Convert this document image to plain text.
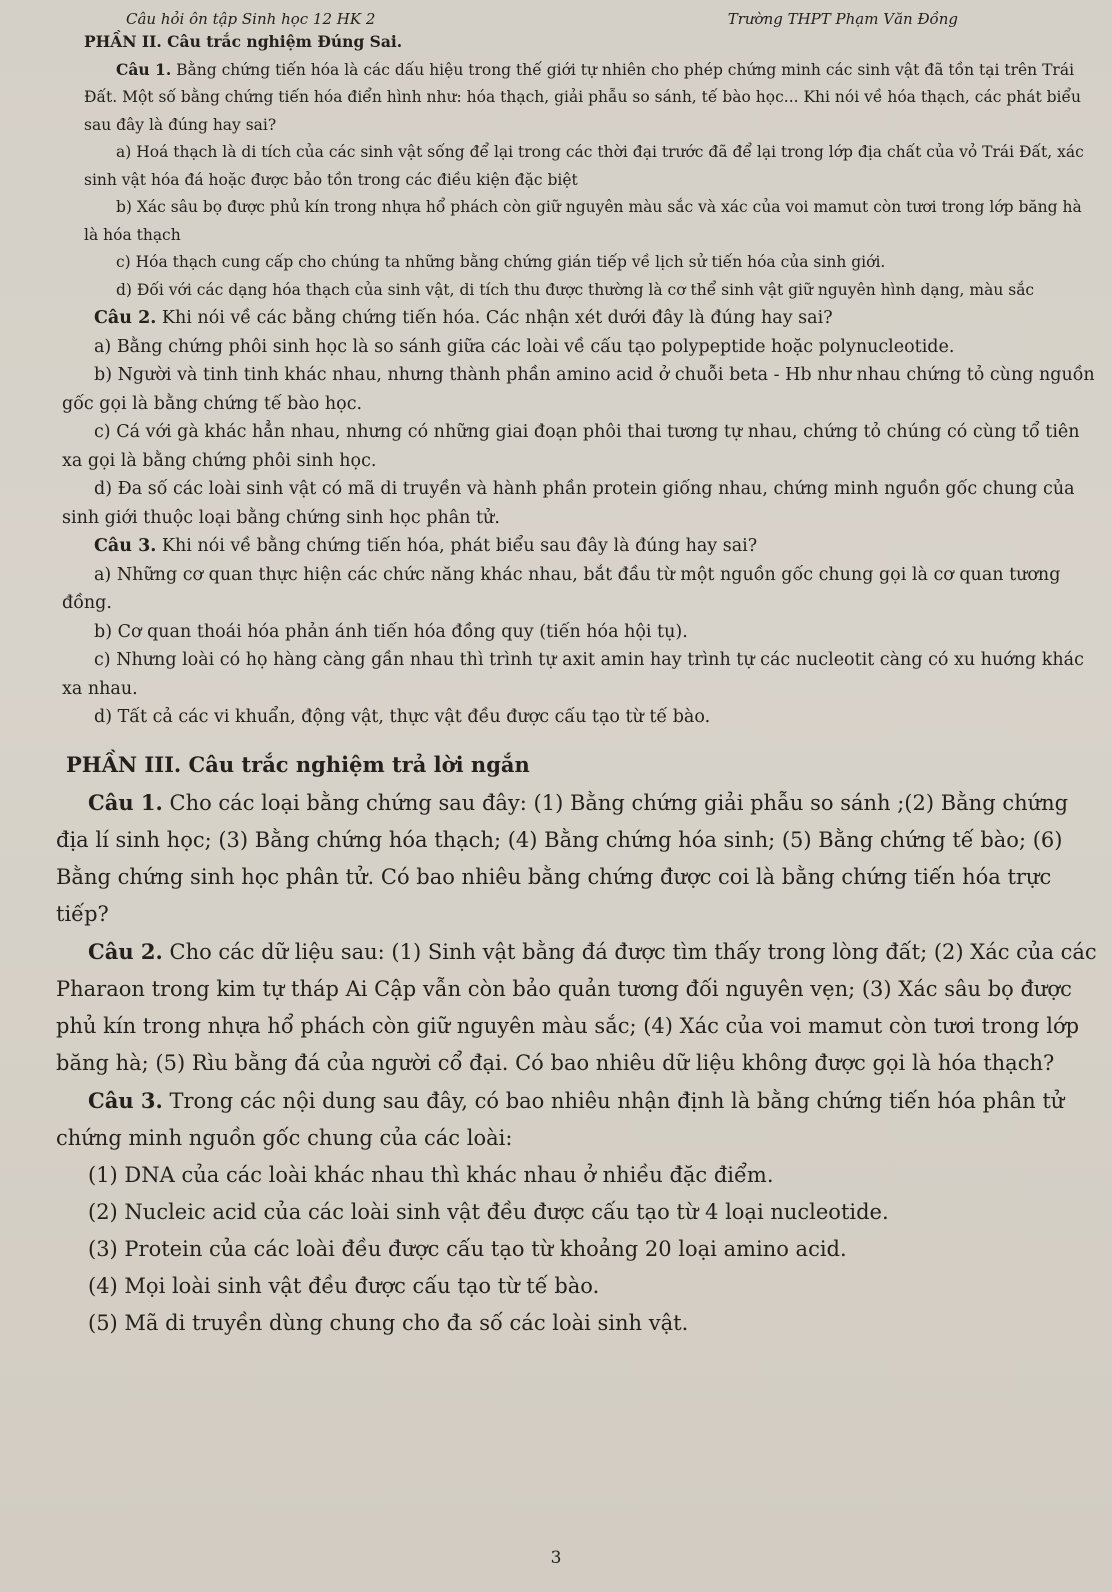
Câu hỏi ôn tập Sinh học 12 HK 2	Trường THPT Phạm Văn Đồng

PHẦN II. Câu trắc nghiệm Đúng Sai.

Câu 1. Bằng chứng tiến hóa là các dấu hiệu trong thế giới tự nhiên cho phép chứng minh các sinh vật đã tồn tại trên Trái Đất. Một số bằng chứng tiến hóa điển hình như: hóa thạch, giải phẫu so sánh, tế bào học... Khi nói về hóa thạch, các phát biểu sau đây là đúng hay sai?

a) Hoá thạch là di tích của các sinh vật sống để lại trong các thời đại trước đã để lại trong lớp địa chất của vỏ Trái Đất, xác sinh vật hóa đá hoặc được bảo tồn trong các điều kiện đặc biệt

b) Xác sâu bọ được phủ kín trong nhựa hổ phách còn giữ nguyên màu sắc và xác của voi mamut còn tươi trong lớp băng hà là hóa thạch

c) Hóa thạch cung cấp cho chúng ta những bằng chứng gián tiếp về lịch sử tiến hóa của sinh giới.

d) Đối với các dạng hóa thạch của sinh vật, di tích thu được thường là cơ thể sinh vật giữ nguyên hình dạng, màu sắc

Câu 2. Khi nói về các bằng chứng tiến hóa. Các nhận xét dưới đây là đúng hay sai?

a) Bằng chứng phôi sinh học là so sánh giữa các loài về cấu tạo polypeptide hoặc polynucleotide.

b) Người và tinh tinh khác nhau, nhưng thành phần amino acid ở chuỗi beta - Hb như nhau chứng tỏ cùng nguồn gốc gọi là bằng chứng tế bào học.

c) Cá với gà khác hẳn nhau, nhưng có những giai đoạn phôi thai tương tự nhau, chứng tỏ chúng có cùng tổ tiên xa gọi là bằng chứng phôi sinh học.

d) Đa số các loài sinh vật có mã di truyền và hành phần protein giống nhau, chứng minh nguồn gốc chung của sinh giới thuộc loại bằng chứng sinh học phân tử.

Câu 3. Khi nói về bằng chứng tiến hóa, phát biểu sau đây là đúng hay sai?

a) Những cơ quan thực hiện các chức năng khác nhau, bắt đầu từ một nguồn gốc chung gọi là cơ quan tương đồng.

b) Cơ quan thoái hóa phản ánh tiến hóa đồng quy (tiến hóa hội tụ).

c) Nhưng loài có họ hàng càng gần nhau thì trình tự axit amin hay trình tự các nucleotit càng có xu huớng khác xa nhau.

d) Tất cả các vi khuẩn, động vật, thực vật đều được cấu tạo từ tế bào.

PHẦN III. Câu trắc nghiệm trả lời ngắn

Câu 1. Cho các loại bằng chứng sau đây: (1) Bằng chứng giải phẫu so sánh ;(2) Bằng chứng địa lí sinh học; (3) Bằng chứng hóa thạch; (4) Bằng chứng hóa sinh; (5) Bằng chứng tế bào; (6) Bằng chứng sinh học phân tử. Có bao nhiêu bằng chứng được coi là bằng chứng tiến hóa trực tiếp?

Câu 2. Cho các dữ liệu sau: (1) Sinh vật bằng đá được tìm thấy trong lòng đất; (2) Xác của các Pharaon trong kim tự tháp Ai Cập vẫn còn bảo quản tương đối nguyên vẹn; (3) Xác sâu bọ được phủ kín trong nhựa hổ phách còn giữ nguyên màu sắc; (4) Xác của voi mamut còn tươi trong lớp băng hà; (5) Rìu bằng đá của người cổ đại. Có bao nhiêu dữ liệu không được gọi là hóa thạch?

Câu 3. Trong các nội dung sau đây, có bao nhiêu nhận định là bằng chứng tiến hóa phân tử chứng minh nguồn gốc chung của các loài:

(1) DNA của các loài khác nhau thì khác nhau ở nhiều đặc điểm.

(2) Nucleic acid của các loài sinh vật đều được cấu tạo từ 4 loại nucleotide.

(3) Protein của các loài đều được cấu tạo từ khoảng 20 loại amino acid.

(4) Mọi loài sinh vật đều được cấu tạo từ tế bào.

(5) Mã di truyền dùng chung cho đa số các loài sinh vật.

3
